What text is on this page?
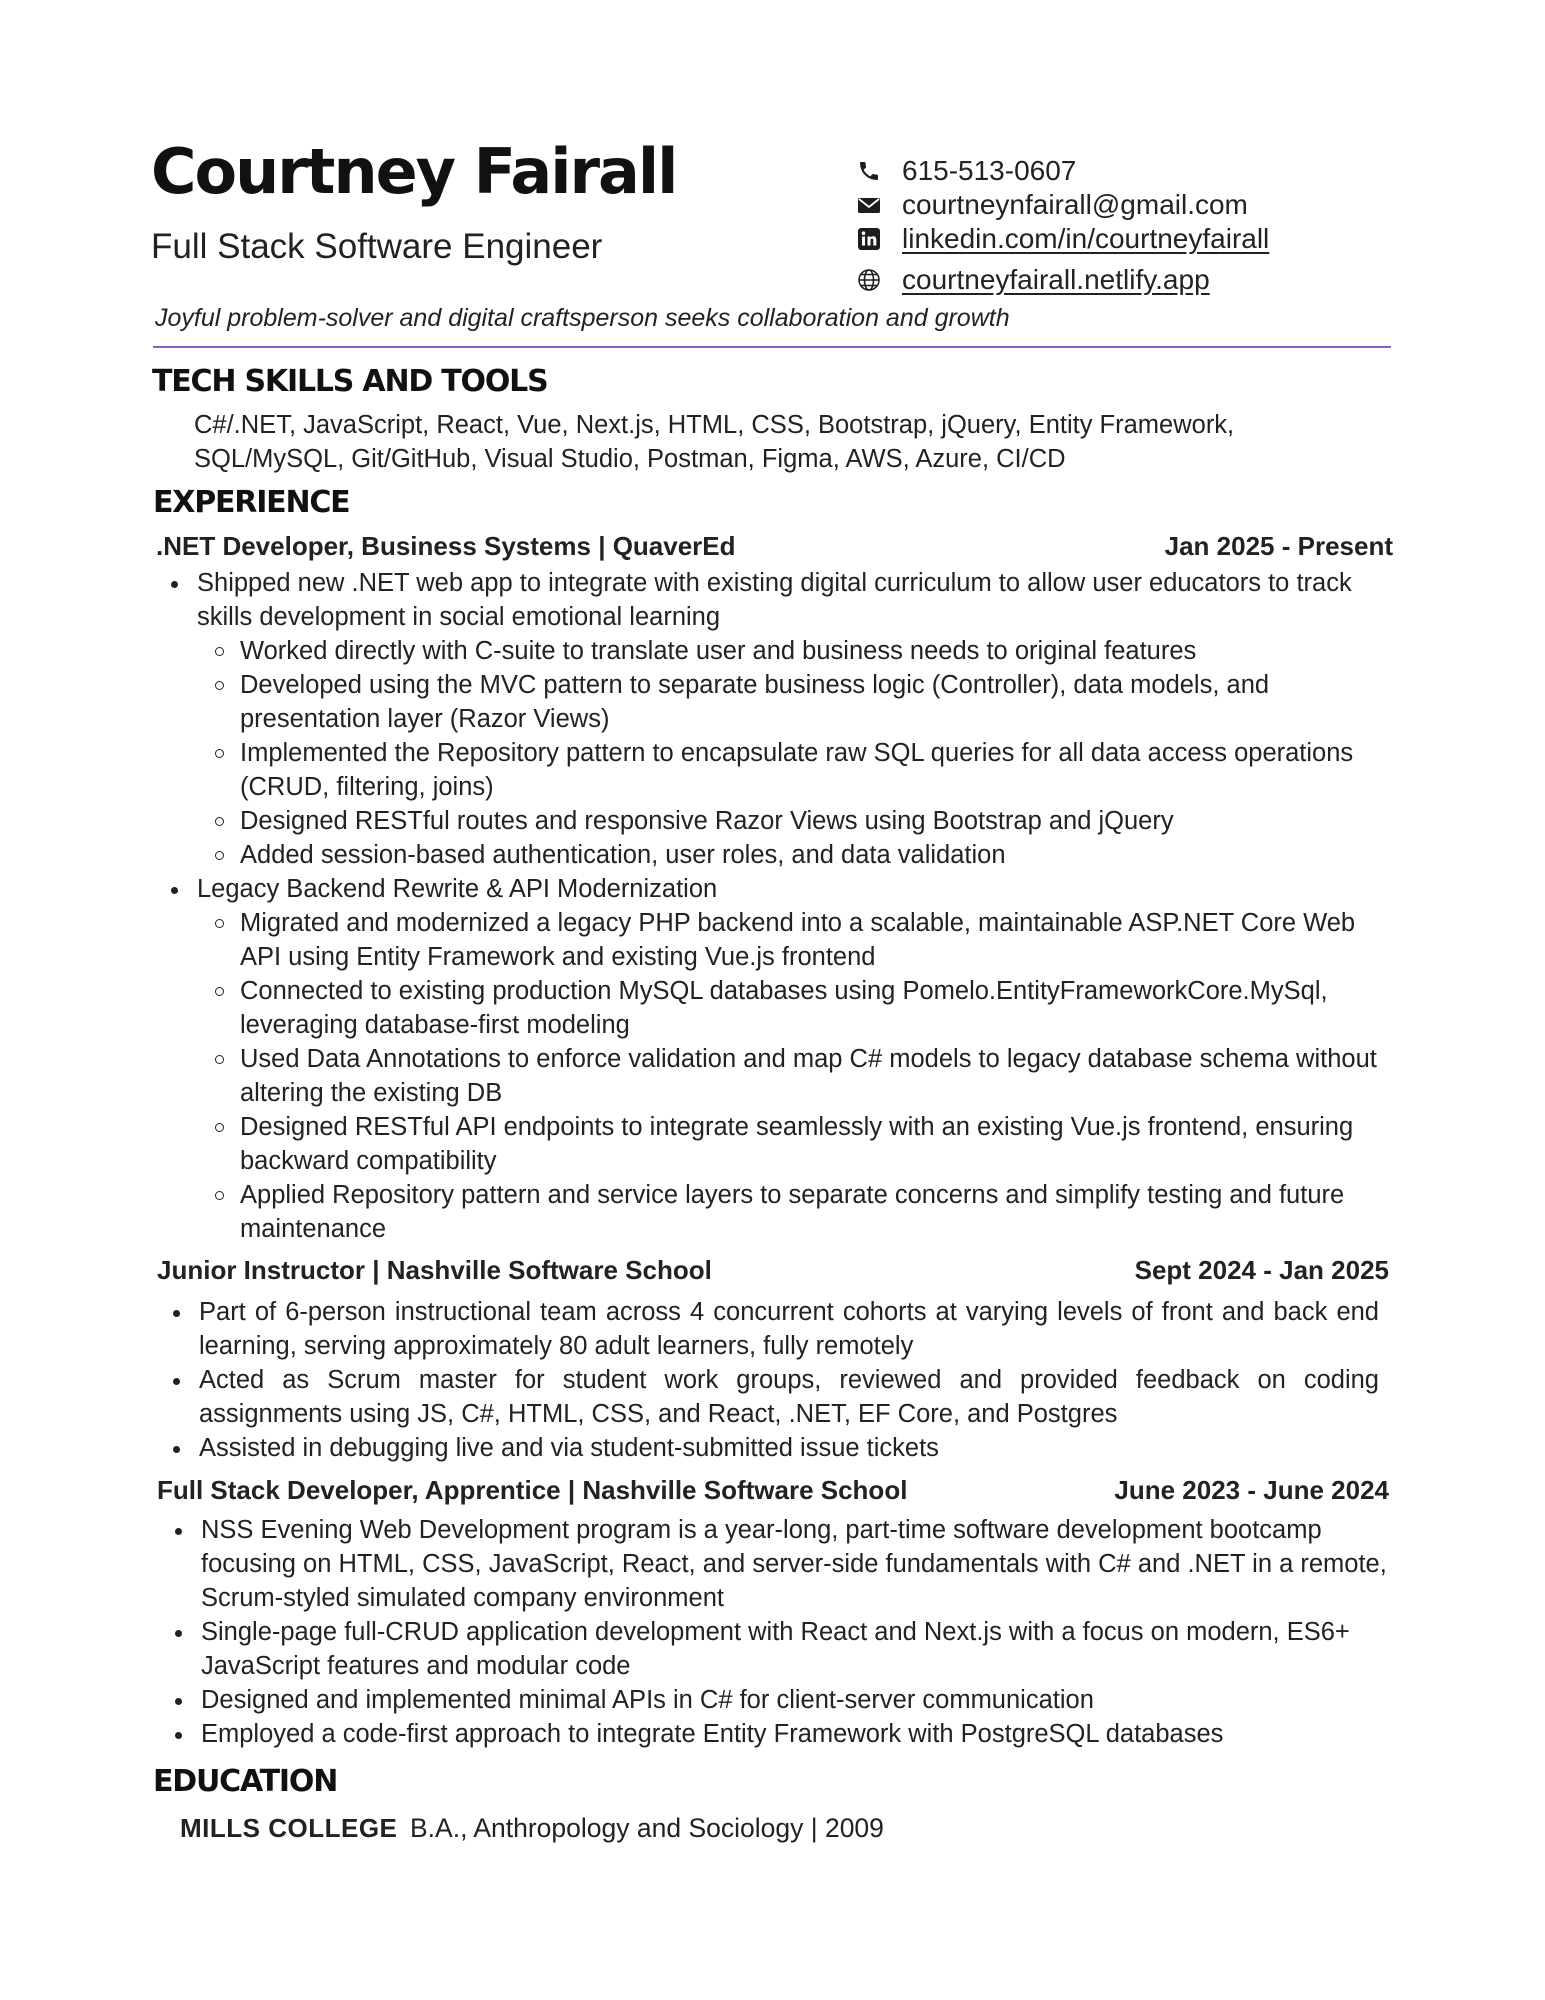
Courtney Fairall
Full Stack Software Engineer
615-513-0607
courtneynfairall@gmail.com
linkedin.com/in/courtneyfairall
courtneyfairall.netlify.app
Joyful problem-solver and digital craftsperson seeks collaboration and growth
TECH SKILLS AND TOOLS
C#/.NET, JavaScript, React, Vue, Next.js, HTML, CSS, Bootstrap, jQuery, Entity Framework,
SQL/MySQL, Git/GitHub, Visual Studio, Postman, Figma, AWS, Azure, CI/CD
EXPERIENCE
.NET Developer, Business Systems | QuaverEd	Jan 2025 - Present
Shipped new .NET web app to integrate with existing digital curriculum to allow user educators to track skills development in social emotional learning
Worked directly with C-suite to translate user and business needs to original features
Developed using the MVC pattern to separate business logic (Controller), data models, and presentation layer (Razor Views)
Implemented the Repository pattern to encapsulate raw SQL queries for all data access operations (CRUD, filtering, joins)
Designed RESTful routes and responsive Razor Views using Bootstrap and jQuery
Added session-based authentication, user roles, and data validation
Legacy Backend Rewrite & API Modernization
Migrated and modernized a legacy PHP backend into a scalable, maintainable ASP.NET Core Web API using Entity Framework and existing Vue.js frontend
Connected to existing production MySQL databases using Pomelo.EntityFrameworkCore.MySql, leveraging database-first modeling
Used Data Annotations to enforce validation and map C# models to legacy database schema without altering the existing DB
Designed RESTful API endpoints to integrate seamlessly with an existing Vue.js frontend, ensuring backward compatibility
Applied Repository pattern and service layers to separate concerns and simplify testing and future maintenance
Junior Instructor | Nashville Software School	Sept 2024 - Jan 2025
Part of 6-person instructional team across 4 concurrent cohorts at varying levels of front and back end learning, serving approximately 80 adult learners, fully remotely
Acted as Scrum master for student work groups, reviewed and provided feedback on coding assignments using JS, C#, HTML, CSS, and React, .NET, EF Core, and Postgres
Assisted in debugging live and via student-submitted issue tickets
Full Stack Developer, Apprentice | Nashville Software School	June 2023 - June 2024
NSS Evening Web Development program is a year-long, part-time software development bootcamp focusing on HTML, CSS, JavaScript, React, and server-side fundamentals with C# and .NET in a remote, Scrum-styled simulated company environment
Single-page full-CRUD application development with React and Next.js with a focus on modern, ES6+ JavaScript features and modular code
Designed and implemented minimal APIs in C# for client-server communication
Employed a code-first approach to integrate Entity Framework with PostgreSQL databases
EDUCATION
MILLS COLLEGE B.A., Anthropology and Sociology | 2009
